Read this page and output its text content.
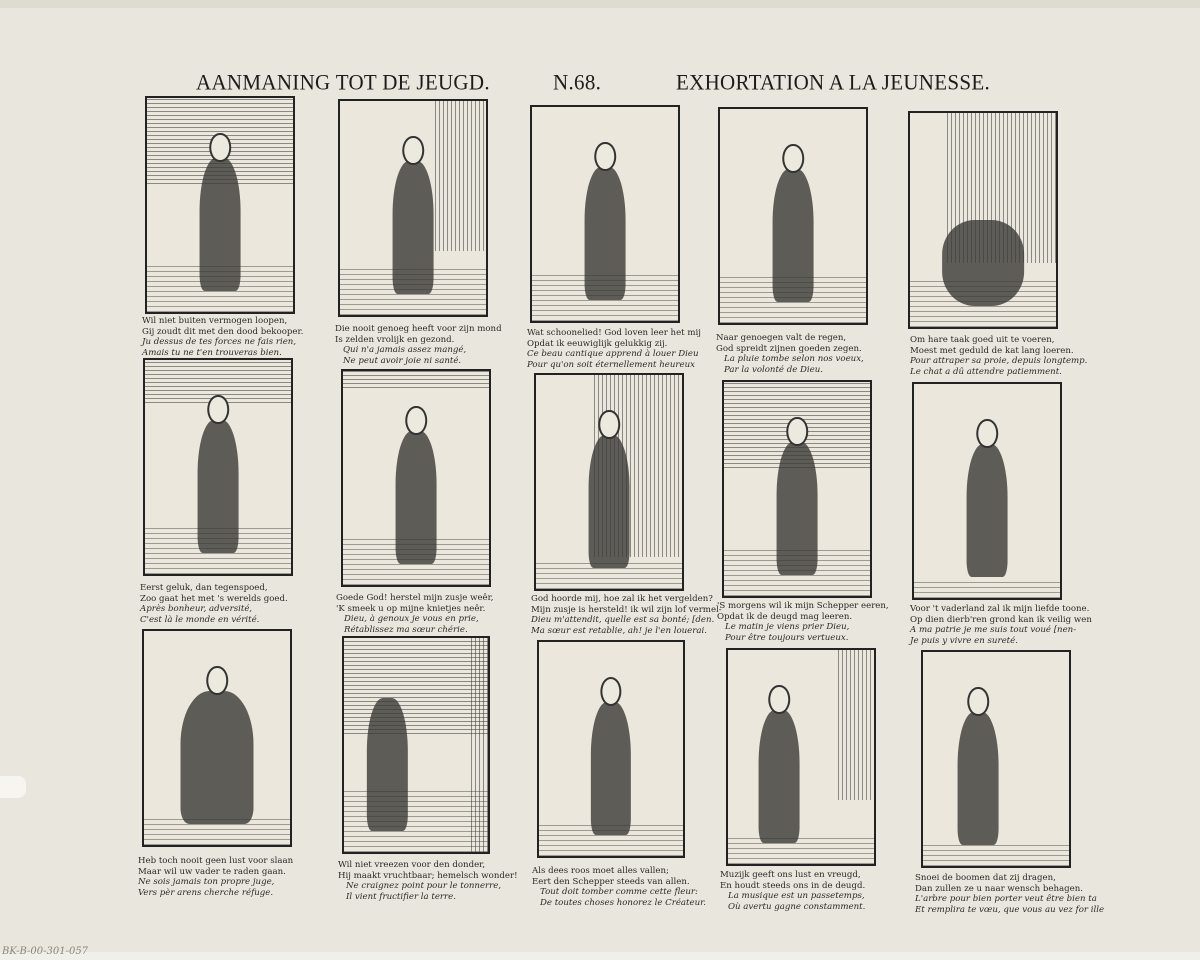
BK-B-00-301-057
AANMANING TOT DE JEUGD.	N.68.	EXHORTATION A LA JEUNESSE.
Wil niet buiten vermogen loopen,
Gij zoudt dit met den dood bekooper.
Ju dessus de tes forces ne fais rien,
Amais tu ne t'en trouveras bien.
Die nooit genoeg heeft voor zijn mond
Is zelden vrolijk en gezond.
Qui n'a jamais assez mangé,
Ne peut avoir joie ni santé.
Wat schoonelied! God loven leer het mij
Opdat ik eeuwiglijk gelukkig zij.
Ce beau cantique apprend à louer Dieu
Pour qu'on soit éternellement heureux
Naar genoegen valt de regen,
God spreidt zijnen goeden zegen.
La pluie tombe selon nos voeux,
Par la volonté de Dieu.
Om hare taak goed uit te voeren,
Moest met geduld de kat lang loeren.
Pour attraper sa proie, depuis longtemp.
Le chat a dû attendre patiemment.
Eerst geluk, dan tegenspoed,
Zoo gaat het met 's werelds goed.
Après bonheur, adversité,
C'est là le monde en vérité.
Goede God! herstel mijn zusje weêr,
'K smeek u op mijne knietjes neêr.
Dieu, à genoux je vous en prie,
Rétablissez ma sœur chérie.
God hoorde mij, hoe zal ik het vergelden?
Mijn zusje is hersteld! ik wil zijn lof vermel-
Dieu m'attendit, quelle est sa bonté; [den.
Ma sœur est retablie, ah! je l'en louerai.
'S morgens wil ik mijn Schepper eeren,
Opdat ik de deugd mag leeren.
Le matin je viens prier Dieu,
Pour être toujours vertueux.
Voor 't vaderland zal ik mijn liefde toone.
Op dien dierb'ren grond kan ik veilig wen
A ma patrie je me suis tout voué [nen-
Je puis y vivre en sureté.
Heb toch nooit geen lust voor slaan
Maar wil uw vader te raden gaan.
Ne sois jamais ton propre juge,
Vers pèr arens cherche réfuge.
Wil niet vreezen voor den donder,
Hij maakt vruchtbaar; hemelsch wonder!
Ne craignez point pour le tonnerre,
Il vient fructifier la terre.
Als dees roos moet alles vallen;
Eert den Schepper steeds van allen.
Tout doit tomber comme cette fleur:
De toutes choses honorez le Créateur.
Muzijk geeft ons lust en vreugd,
En houdt steeds ons in de deugd.
La musique est un passetemps,
Où avertu gagne constamment.
Snoei de boomen dat zij dragen,
Dan zullen ze u naar wensch behagen.
L'arbre pour bien porter veut être bien ta
Et remplira te vœu, que vous au vez for ille
